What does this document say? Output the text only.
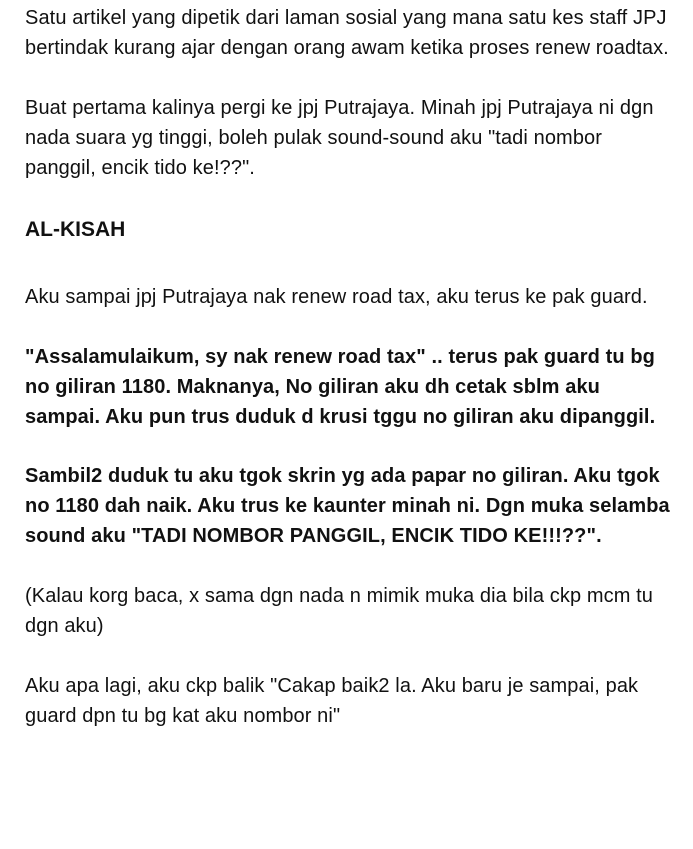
Satu artikel yang dipetik dari laman sosial yang mana satu kes staff JPJ bertindak kurang ajar dengan orang awam ketika proses renew roadtax.

Buat pertama kalinya pergi ke jpj Putrajaya. Minah jpj Putrajaya ni dgn nada suara yg tinggi, boleh pulak sound-sound aku "tadi nombor panggil, encik tido ke!??".

AL-KISAH

Aku sampai jpj Putrajaya nak renew road tax, aku terus ke pak guard.

"Assalamulaikum, sy nak renew road tax" .. terus pak guard tu bg no giliran 1180. Maknanya, No giliran aku dh cetak sblm aku sampai. Aku pun trus duduk d krusi tggu no giliran aku dipanggil.

Sambil2 duduk tu aku tgok skrin yg ada papar no giliran. Aku tgok no 1180 dah naik. Aku trus ke kaunter minah ni. Dgn muka selamba sound aku "TADI NOMBOR PANGGIL, ENCIK TIDO KE!!!??".

(Kalau korg baca, x sama dgn nada n mimik muka dia bila ckp mcm tu dgn aku)

Aku apa lagi, aku ckp balik "Cakap baik2 la. Aku baru je sampai, pak guard dpn tu bg kat aku nombor ni"
